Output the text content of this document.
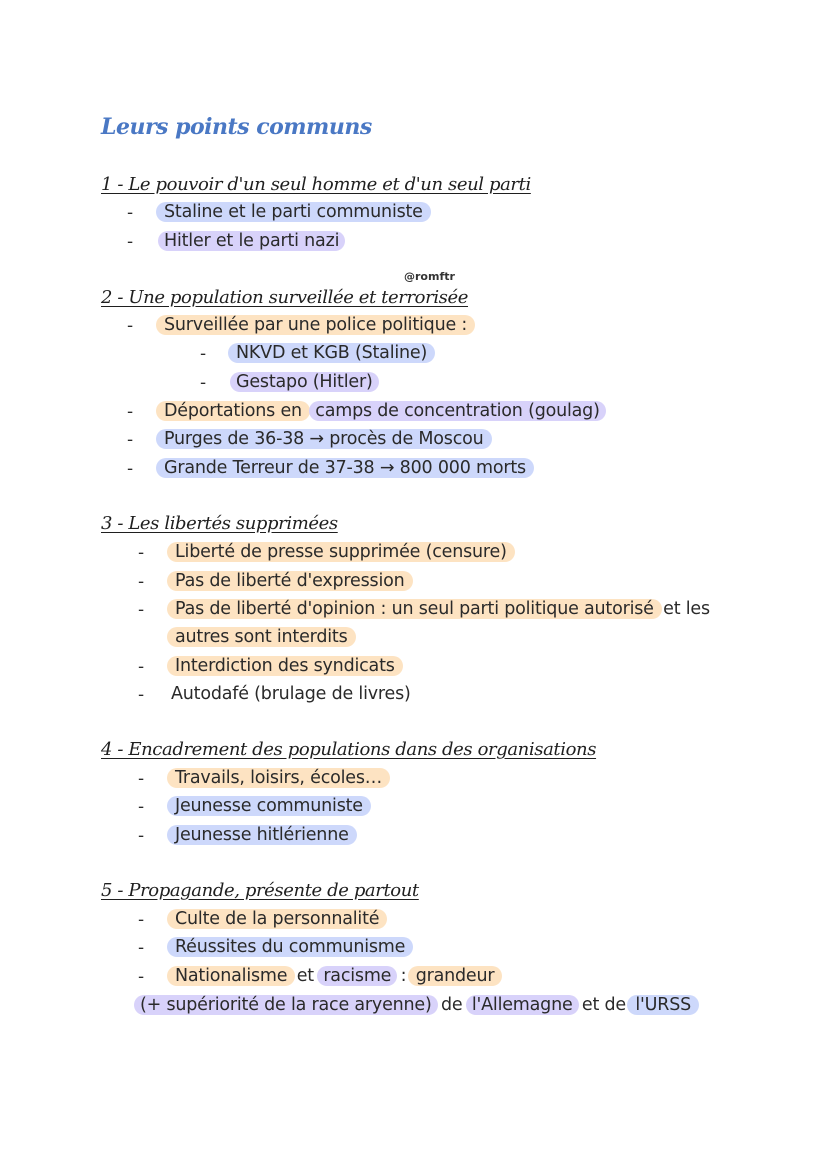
Leurs points communs
1 - Le pouvoir d'un seul homme et d'un seul parti
- Staline et le parti communiste
- Hitler et le parti nazi
@romftr
2 - Une population surveillée et terrorisée
- Surveillée par une police politique :
- NKVD et KGB (Staline)
- Gestapo (Hitler)
- Déportations en camps de concentration (goulag)
- Purges de 36-38 → procès de Moscou
- Grande Terreur de 37-38 → 800 000 morts
3 - Les libertés supprimées
- Liberté de presse supprimée (censure)
- Pas de liberté d'expression
- Pas de liberté d'opinion : un seul parti politique autorisé et les
autres sont interdits
- Interdiction des syndicats
- Autodafé (brulage de livres)
4 - Encadrement des populations dans des organisations
- Travails, loisirs, écoles…
- Jeunesse communiste
- Jeunesse hitlérienne
5 - Propagande, présente de partout
- Culte de la personnalité
- Réussites du communisme
- Nationalisme et racisme : grandeur
(+ supériorité de la race aryenne) de l'Allemagne et de l'URSS
